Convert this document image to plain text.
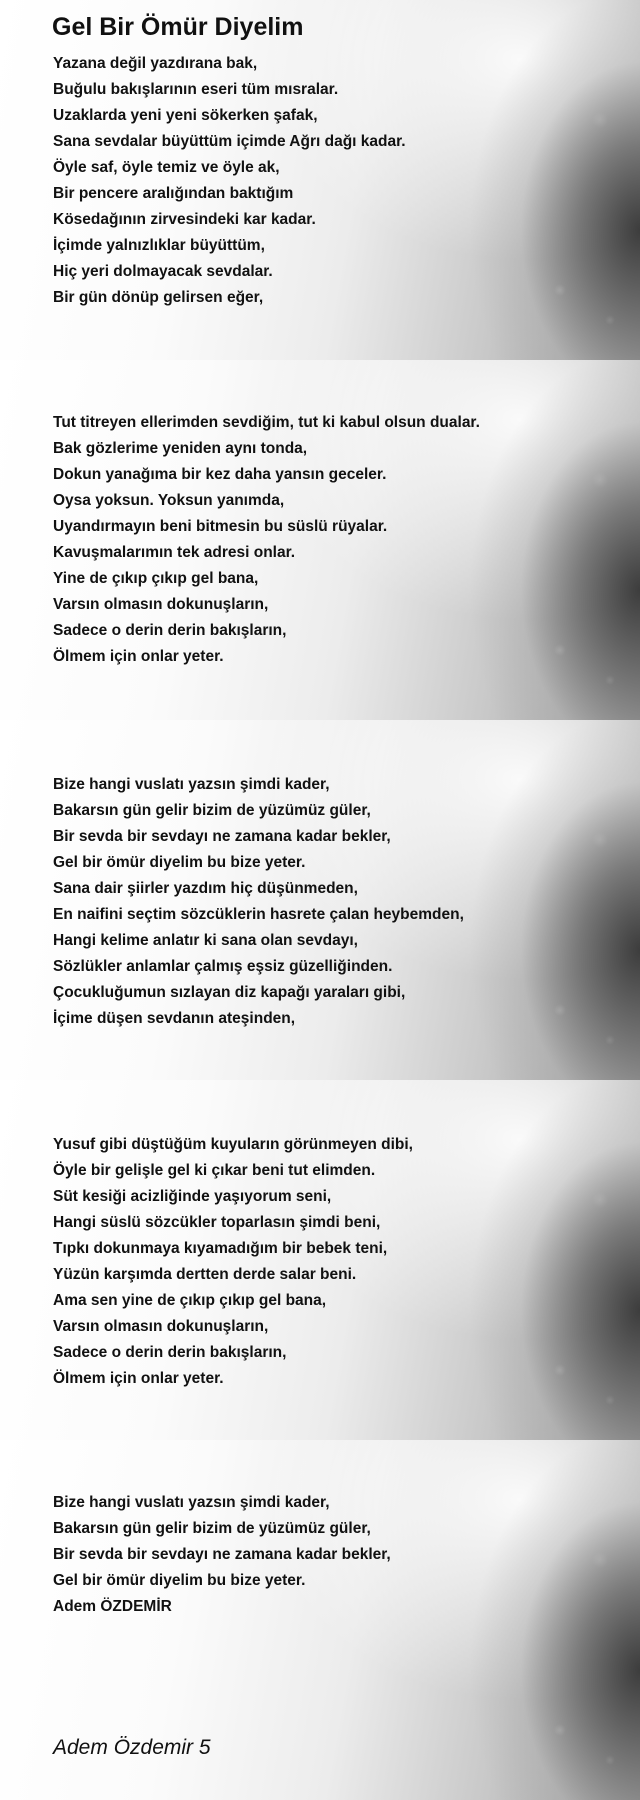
Gel Bir Ömür Diyelim
Yazana değil yazdırana bak,
Buğulu bakışlarının eseri tüm mısralar.
Uzaklarda yeni yeni sökerken şafak,
Sana sevdalar büyüttüm içimde Ağrı dağı kadar.
Öyle saf, öyle temiz ve öyle ak,
Bir pencere aralığından baktığım
Kösedağının zirvesindeki kar kadar.
İçimde yalnızlıklar büyüttüm,
Hiç yeri dolmayacak sevdalar.
Bir gün dönüp gelirsen eğer,
Tut titreyen ellerimden sevdiğim, tut ki kabul olsun dualar.
Bak gözlerime yeniden aynı tonda,
Dokun yanağıma bir kez daha yansın geceler.
Oysa yoksun. Yoksun yanımda,
Uyandırmayın beni bitmesin bu süslü rüyalar.
Kavuşmalarımın tek adresi onlar.
Yine de çıkıp çıkıp gel bana,
Varsın olmasın dokunuşların,
Sadece o derin derin bakışların,
Ölmem için onlar yeter.
Bize hangi vuslatı yazsın şimdi kader,
Bakarsın gün gelir bizim de yüzümüz güler,
Bir sevda bir sevdayı ne zamana kadar bekler,
Gel bir ömür diyelim bu bize yeter.
Sana dair şiirler yazdım hiç düşünmeden,
En naifini seçtim sözcüklerin hasrete çalan heybemden,
Hangi kelime anlatır ki sana olan sevdayı,
Sözlükler anlamlar çalmış eşsiz güzelliğinden.
Çocukluğumun sızlayan diz kapağı yaraları gibi,
İçime düşen sevdanın ateşinden,
Yusuf gibi düştüğüm kuyuların görünmeyen dibi,
Öyle bir gelişle gel ki çıkar beni tut elimden.
Süt kesiği acizliğinde yaşıyorum seni,
Hangi süslü sözcükler toparlasın şimdi beni,
Tıpkı dokunmaya kıyamadığım bir bebek teni,
Yüzün karşımda dertten derde salar beni.
Ama sen yine de çıkıp çıkıp gel bana,
Varsın olmasın dokunuşların,
Sadece o derin derin bakışların,
Ölmem için onlar yeter.
Bize hangi vuslatı yazsın şimdi kader,
Bakarsın gün gelir bizim de yüzümüz güler,
Bir sevda bir sevdayı ne zamana kadar bekler,
Gel bir ömür diyelim bu bize yeter.
Adem ÖZDEMİR

Adem Özdemir 5
